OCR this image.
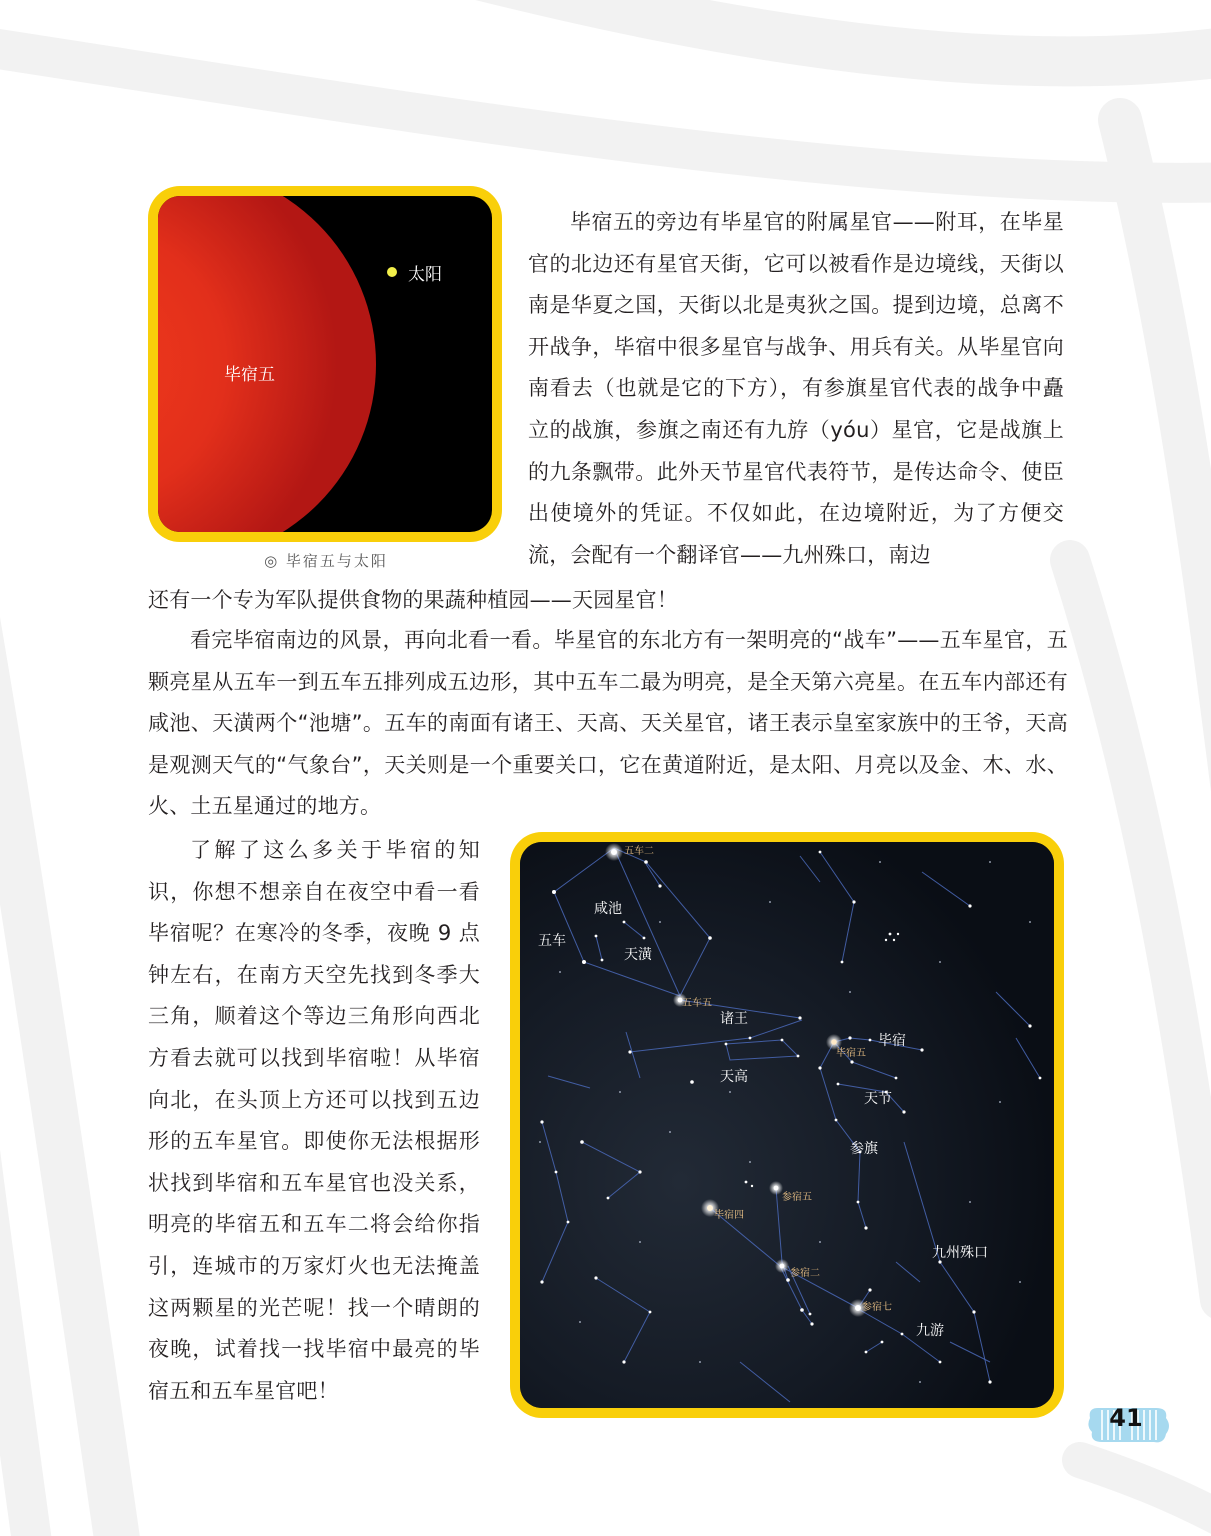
太阳
毕宿五
◎ 毕宿五与太阳

毕宿五的旁边有毕星官的附属星官——附耳，在毕星官的北边还有星官天街，它可以被看作是边境线，天街以南是华夏之国，天街以北是夷狄之国。提到边境，总离不开战争，毕宿中很多星官与战争、用兵有关。从毕星官向南看去（也就是它的下方），有参旗星官代表的战争中矗立的战旗，参旗之南还有九斿（yóu）星官，它是战旗上的九条飘带。此外天节星官代表符节，是传达命令、使臣出使境外的凭证。不仅如此，在边境附近，为了方便交流，会配有一个翻译官——九州殊口，南边

还有一个专为军队提供食物的果蔬种植园——天园星官！

看完毕宿南边的风景，再向北看一看。毕星官的东北方有一架明亮的“战车”——五车星官，五颗亮星从五车一到五车五排列成五边形，其中五车二最为明亮，是全天第六亮星。在五车内部还有咸池、天潢两个“池塘”。五车的南面有诸王、天高、天关星官，诸王表示皇室家族中的王爷，天高是观测天气的“气象台”，天关则是一个重要关口，它在黄道附近，是太阳、月亮以及金、木、水、火、土五星通过的地方。

了解了这么多关于毕宿的知识，你想不想亲自在夜空中看一看毕宿呢？在寒冷的冬季，夜晚 9 点钟左右，在南方天空先找到冬季大三角，顺着这个等边三角形向西北方看去就可以找到毕宿啦！从毕宿向北，在头顶上方还可以找到五边形的五车星官。即使你无法根据形状找到毕宿和五车星官也没关系，明亮的毕宿五和五车二将会给你指引，连城市的万家灯火也无法掩盖这两颗星的光芒呢！找一个晴朗的夜晚，试着找一找毕宿中最亮的毕宿五和五车星官吧！

五车二
咸池
五车
天潢
五车五
诸王
毕宿
毕宿五
天高
天节
参旗
参宿五
毕宿四
参宿二
九州殊口
参宿七
九游
41
